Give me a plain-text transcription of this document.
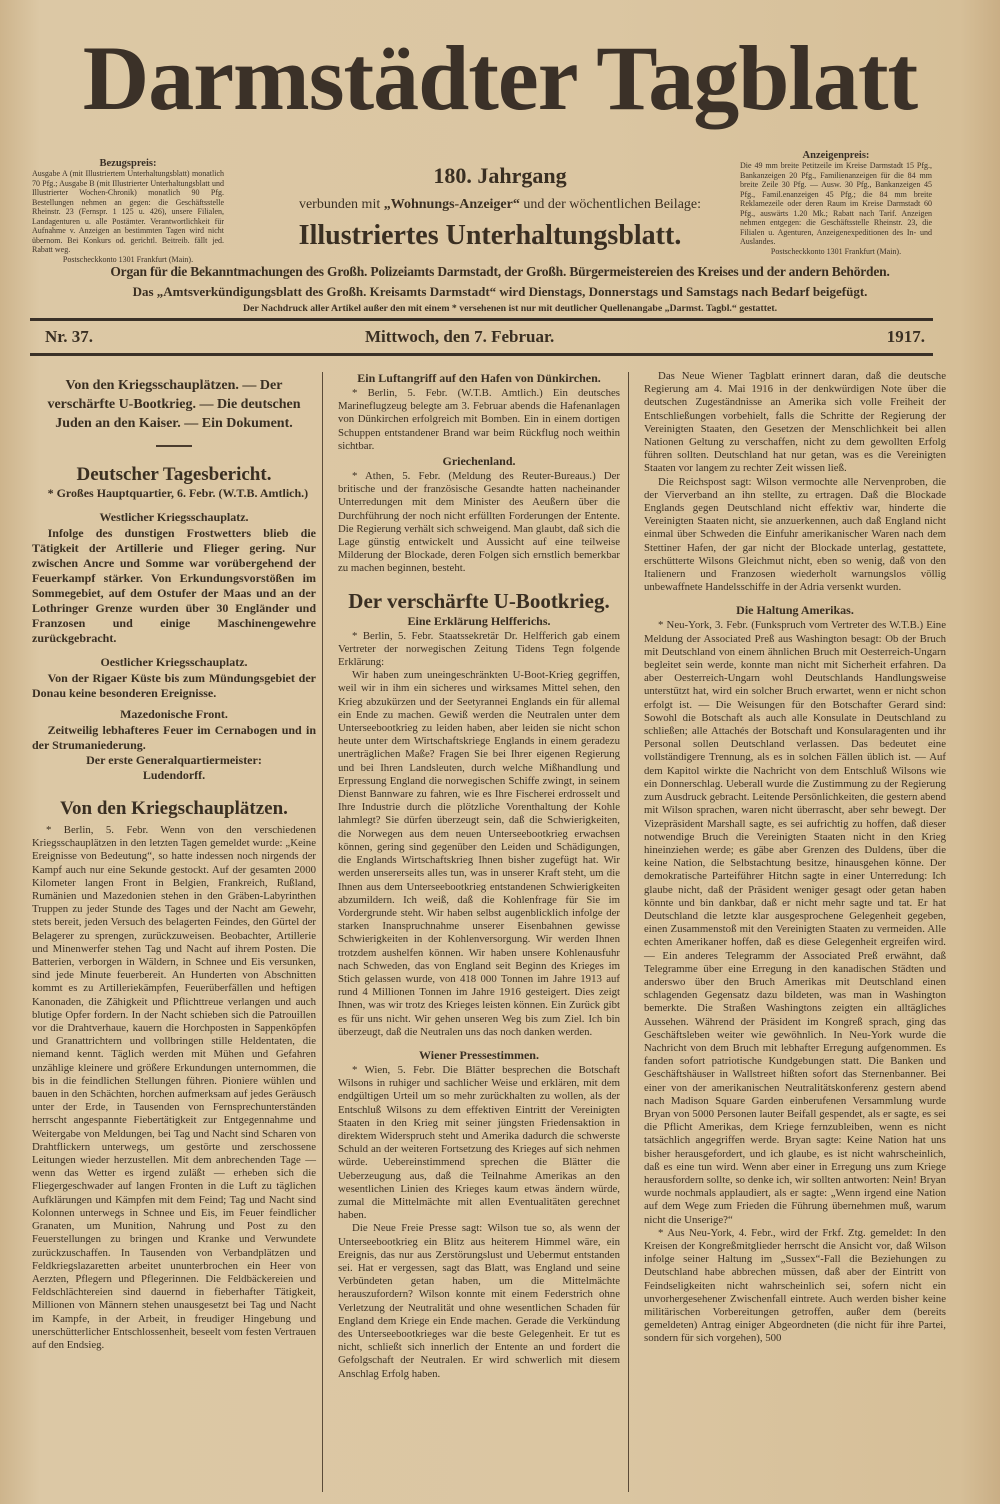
Darmstädter Tagblatt
Bezugspreis:
Ausgabe A (mit Illustriertem Unterhaltungsblatt) monatlich 70 Pfg.; Ausgabe B (mit Illustrierter Unterhaltungsblatt und Illustrierter Wochen-Chronik) monatlich 90 Pfg. Bestellungen nehmen an gegen: die Geschäftsstelle Rheinstr. 23 (Fernspr. 1 125 u. 426), unsere Filialen, Landagenturen u. alle Postämter. Verantwortlichkeit für Aufnahme v. Anzeigen an bestimmten Tagen wird nicht übernom. Bei Konkurs od. gerichtl. Beitreib. fällt jed. Rabatt weg.
Postscheckkonto 1301 Frankfurt (Main).
Anzeigenpreis:
Die 49 mm breite Petitzeile im Kreise Darmstadt 15 Pfg., Bankanzeigen 20 Pfg., Familienanzeigen für die 84 mm breite Zeile 30 Pfg. — Ausw. 30 Pfg., Bankanzeigen 45 Pfg., Famil.enanzeigen 45 Pfg.; die 84 mm breite Reklamezeile oder deren Raum im Kreise Darmstadt 60 Pfg., auswärts 1.20 Mk.; Rabatt nach Tarif. Anzeigen nehmen entgegen: die Geschäftsstelle Rheinstr. 23, die Filialen u. Agenturen, Anzeigenexpeditionen des In- und Auslandes.
Postscheckkonto 1301 Frankfurt (Main).
180. Jahrgang
verbunden mit „Wohnungs-Anzeiger“ und der wöchentlichen Beilage:
Illustriertes Unterhaltungsblatt.
Organ für die Bekanntmachungen des Großh. Polizeiamts Darmstadt, der Großh. Bürgermeistereien des Kreises und der andern Behörden.
Das „Amtsverkündigungsblatt des Großh. Kreisamts Darmstadt“ wird Dienstags, Donnerstags und Samstags nach Bedarf beigefügt.
Der Nachdruck aller Artikel außer den mit einem * versehenen ist nur mit deutlicher Quellenangabe „Darmst. Tagbl.“ gestattet.
Nr. 37.	Mittwoch, den 7. Februar.	1917.

Von den Kriegsschauplätzen. — Der verschärfte U-Bootkrieg. — Die deutschen Juden an den Kaiser. — Ein Dokument.

Deutscher Tagesbericht.

* Großes Hauptquartier, 6. Febr. (W.T.B. Amtlich.)

Westlicher Kriegsschauplatz.

Infolge des dunstigen Frostwetters blieb die Tätigkeit der Artillerie und Flieger gering. Nur zwischen Ancre und Somme war vorübergehend der Feuerkampf stärker. Von Erkundungsvorstößen im Sommegebiet, auf dem Ostufer der Maas und an der Lothringer Grenze wurden über 30 Engländer und Franzosen und einige Maschinengewehre zurückgebracht.

Oestlicher Kriegsschauplatz.

Von der Rigaer Küste bis zum Mündungsgebiet der Donau keine besonderen Ereignisse.

Mazedonische Front.

Zeitweilig lebhafteres Feuer im Cernabogen und in der Strumaniederung.

Der erste Generalquartiermeister:
Ludendorff.
Von den Kriegschauplätzen.

* Berlin, 5. Febr. Wenn von den verschiedenen Kriegsschauplätzen in den letzten Tagen gemeldet wurde: „Keine Ereignisse von Bedeutung“, so hatte indessen noch nirgends der Kampf auch nur eine Sekunde gestockt. Auf der gesamten 2000 Kilometer langen Front in Belgien, Frankreich, Rußland, Rumänien und Mazedonien stehen in den Gräben-Labyrinthen Truppen zu jeder Stunde des Tages und der Nacht am Gewehr, stets bereit, jeden Versuch des belagerten Feindes, den Gürtel der Belagerer zu sprengen, zurückzuweisen. Beobachter, Artillerie und Minenwerfer stehen Tag und Nacht auf ihrem Posten. Die Batterien, verborgen in Wäldern, in Schnee und Eis versunken, sind jede Minute feuerbereit. An Hunderten von Abschnitten kommt es zu Artilleriekämpfen, Feuerüberfällen und heftigen Kanonaden, die Zähigkeit und Pflichttreue verlangen und auch blutige Opfer fordern. In der Nacht schieben sich die Patrouillen vor die Drahtverhaue, kauern die Horchposten in Sappenköpfen und Granattrichtern und vollbringen stille Heldentaten, die niemand kennt. Täglich werden mit Mühen und Gefahren unzählige kleinere und größere Erkundungen unternommen, die bis in die feindlichen Stellungen führen. Pioniere wühlen und bauen in den Schächten, horchen aufmerksam auf jedes Geräusch unter der Erde, in Tausenden von Fernsprechunterständen herrscht angespannte Fiebertätigkeit zur Entgegennahme und Weitergabe von Meldungen, bei Tag und Nacht sind Scharen von Drahtflickern unterwegs, um gestörte und zerschossene Leitungen wieder herzustellen. Mit dem anbrechenden Tage — wenn das Wetter es irgend zuläßt — erheben sich die Fliegergeschwader auf langen Fronten in die Luft zu täglichen Aufklärungen und Kämpfen mit dem Feind; Tag und Nacht sind Kolonnen unterwegs in Schnee und Eis, im Feuer feindlicher Granaten, um Munition, Nahrung und Post zu den Feuerstellungen zu bringen und Kranke und Verwundete zurückzuschaffen. In Tausenden von Verbandplätzen und Feldkriegslazaretten arbeitet ununterbrochen ein Heer von Aerzten, Pflegern und Pflegerinnen. Die Feldbäckereien und Feldschlächtereien sind dauernd in fieberhafter Tätigkeit, Millionen von Männern stehen unausgesetzt bei Tag und Nacht im Kampfe, in der Arbeit, in freudiger Hingebung und unerschütterlicher Entschlossenheit, beseelt vom festen Vertrauen auf den Endsieg.

Ein Luftangriff auf den Hafen von Dünkirchen.

* Berlin, 5. Febr. (W.T.B. Amtlich.) Ein deutsches Marineflugzeug belegte am 3. Februar abends die Hafenanlagen von Dünkirchen erfolgreich mit Bomben. Ein in einem dortigen Schuppen entstandener Brand war beim Rückflug noch weithin sichtbar.

Griechenland.

* Athen, 5. Febr. (Meldung des Reuter-Bureaus.) Der britische und der französische Gesandte hatten nacheinander Unterredungen mit dem Minister des Aeußern über die Durchführung der noch nicht erfüllten Forderungen der Entente. Die Regierung verhält sich schweigend. Man glaubt, daß sich die Lage günstig entwickelt und Aussicht auf eine teilweise Milderung der Blockade, deren Folgen sich ernstlich bemerkbar zu machen beginnen, besteht.

Der verschärfte U-Bootkrieg.
Eine Erklärung Helfferichs.

* Berlin, 5. Febr. Staatssekretär Dr. Helfferich gab einem Vertreter der norwegischen Zeitung Tidens Tegn folgende Erklärung:

Wir haben zum uneingeschränkten U-Boot-Krieg gegriffen, weil wir in ihm ein sicheres und wirksames Mittel sehen, den Krieg abzukürzen und der Seetyrannei Englands ein für allemal ein Ende zu machen. Gewiß werden die Neutralen unter dem Unterseebootkrieg zu leiden haben, aber leiden sie nicht schon heute unter dem Wirtschaftskriege Englands in einem geradezu unerträglichen Maße? Fragen Sie bei Ihrer eigenen Regierung und bei Ihren Landsleuten, durch welche Mißhandlung und Erpressung England die norwegischen Schiffe zwingt, in seinem Dienst Bannware zu fahren, wie es Ihre Fischerei erdrosselt und Ihre Industrie durch die plötzliche Vorenthaltung der Kohle lahmlegt? Sie dürfen überzeugt sein, daß die Schwierigkeiten, die Norwegen aus dem neuen Unterseebootkrieg erwachsen können, gering sind gegenüber den Leiden und Schädigungen, die Englands Wirtschaftskrieg Ihnen bisher zugefügt hat. Wir werden unsererseits alles tun, was in unserer Kraft steht, um die Ihnen aus dem Unterseebootkrieg entstandenen Schwierigkeiten abzumildern. Ich weiß, daß die Kohlenfrage für Sie im Vordergrunde steht. Wir haben selbst augenblicklich infolge der starken Inanspruchnahme unserer Eisenbahnen gewisse Schwierigkeiten in der Kohlenversorgung. Wir werden Ihnen trotzdem aushelfen können. Wir haben unsere Kohlenausfuhr nach Schweden, das von England seit Beginn des Krieges im Stich gelassen wurde, von 418 000 Tonnen im Jahre 1913 auf rund 4 Millionen Tonnen im Jahre 1916 gesteigert. Dies zeigt Ihnen, was wir trotz des Krieges leisten können. Ein Zurück gibt es für uns nicht. Wir gehen unseren Weg bis zum Ziel. Ich bin überzeugt, daß die Neutralen uns das noch danken werden.

Wiener Pressestimmen.

* Wien, 5. Febr. Die Blätter besprechen die Botschaft Wilsons in ruhiger und sachlicher Weise und erklären, mit dem endgültigen Urteil um so mehr zurückhalten zu wollen, als der Entschluß Wilsons zu dem effektiven Eintritt der Vereinigten Staaten in den Krieg mit seiner jüngsten Friedensaktion in direktem Widerspruch steht und Amerika dadurch die schwerste Schuld an der weiteren Fortsetzung des Krieges auf sich nehmen würde. Uebereinstimmend sprechen die Blätter die Ueberzeugung aus, daß die Teilnahme Amerikas an den wesentlichen Linien des Krieges kaum etwas ändern würde, zumal die Mittelmächte mit allen Eventualitäten gerechnet haben.

Die Neue Freie Presse sagt: Wilson tue so, als wenn der Unterseebootkrieg ein Blitz aus heiterem Himmel wäre, ein Ereignis, das nur aus Zerstörungslust und Uebermut entstanden sei. Hat er vergessen, sagt das Blatt, was England und seine Verbündeten getan haben, um die Mittelmächte herauszufordern? Wilson konnte mit einem Federstrich ohne Verletzung der Neutralität und ohne wesentlichen Schaden für England dem Kriege ein Ende machen. Gerade die Verkündung des Unterseebootkrieges war die beste Gelegenheit. Er tut es nicht, schließt sich innerlich der Entente an und fordert die Gefolgschaft der Neutralen. Er wird schwerlich mit diesem Anschlag Erfolg haben.

Das Neue Wiener Tagblatt erinnert daran, daß die deutsche Regierung am 4. Mai 1916 in der denkwürdigen Note über die deutschen Zugeständnisse an Amerika sich volle Freiheit der Entschließungen vorbehielt, falls die Schritte der Regierung der Vereinigten Staaten, den Gesetzen der Menschlichkeit bei allen Nationen Geltung zu verschaffen, nicht zu dem gewollten Erfolg führen sollten. Deutschland hat nur getan, was es die Vereinigten Staaten vor langem zu rechter Zeit wissen ließ.

Die Reichspost sagt: Wilson vermochte alle Nervenproben, die der Vierverband an ihn stellte, zu ertragen. Daß die Blockade Englands gegen Deutschland nicht effektiv war, hinderte die Vereinigten Staaten nicht, sie anzuerkennen, auch daß England nicht einmal über Schweden die Einfuhr amerikanischer Waren nach dem Stettiner Hafen, der gar nicht der Blockade unterlag, gestattete, erschütterte Wilsons Gleichmut nicht, eben so wenig, daß von den Italienern und Franzosen wiederholt warnungslos völlig unbewaffnete Handelsschiffe in der Adria versenkt wurden.

Die Haltung Amerikas.

* Neu-York, 3. Febr. (Funkspruch vom Vertreter des W.T.B.) Eine Meldung der Associated Preß aus Washington besagt: Ob der Bruch mit Deutschland von einem ähnlichen Bruch mit Oesterreich-Ungarn begleitet sein werde, konnte man nicht mit Sicherheit erfahren. Da aber Oesterreich-Ungarn wohl Deutschlands Handlungsweise unterstützt hat, wird ein solcher Bruch erwartet, wenn er nicht schon erfolgt ist. — Die Weisungen für den Botschafter Gerard sind: Sowohl die Botschaft als auch alle Konsulate in Deutschland zu schließen; alle Attachés der Botschaft und Konsularagenten und ihr Personal sollen Deutschland verlassen. Das bedeutet eine vollständigere Trennung, als es in solchen Fällen üblich ist. — Auf dem Kapitol wirkte die Nachricht von dem Entschluß Wilsons wie ein Donnerschlag. Ueberall wurde die Zustimmung zu der Regierung zum Ausdruck gebracht. Leitende Persönlichkeiten, die gestern abend mit Wilson sprachen, waren nicht überrascht, aber sehr bewegt. Der Vizepräsident Marshall sagte, es sei aufrichtig zu hoffen, daß dieser notwendige Bruch die Vereinigten Staaten nicht in den Krieg hineinziehen werde; es gäbe aber Grenzen des Duldens, über die keine Nation, die Selbstachtung besitze, hinausgehen könne. Der demokratische Parteiführer Hitchn sagte in einer Unterredung: Ich glaube nicht, daß der Präsident weniger gesagt oder getan haben könnte und bin dankbar, daß er nicht mehr sagte und tat. Er hat Deutschland die letzte klar ausgesprochene Gelegenheit gegeben, einen Zusammenstoß mit den Vereinigten Staaten zu vermeiden. Alle echten Amerikaner hoffen, daß es diese Gelegenheit ergreifen wird. — Ein anderes Telegramm der Associated Preß erwähnt, daß Telegramme über eine Erregung in den kanadischen Städten und anderswo über den Bruch Amerikas mit Deutschland einen schlagenden Gegensatz dazu bildeten, was man in Washington bemerkte. Die Straßen Washingtons zeigten ein alltägliches Aussehen. Während der Präsident im Kongreß sprach, ging das Geschäftsleben weiter wie gewöhnlich. In Neu-York wurde die Nachricht von dem Bruch mit lebhafter Erregung aufgenommen. Es fanden sofort patriotische Kundgebungen statt. Die Banken und Geschäftshäuser in Wallstreet hißten sofort das Sternenbanner. Bei einer von der amerikanischen Neutralitätskonferenz gestern abend nach Madison Square Garden einberufenen Versammlung wurde Bryan von 5000 Personen lauter Beifall gespendet, als er sagte, es sei die Pflicht Amerikas, dem Kriege fernzubleiben, wenn es nicht tatsächlich angegriffen werde. Bryan sagte: Keine Nation hat uns bisher herausgefordert, und ich glaube, es ist nicht wahrscheinlich, daß es eine tun wird. Wenn aber einer in Erregung uns zum Kriege herausfordern sollte, so denke ich, wir sollten antworten: Nein! Bryan wurde nochmals applaudiert, als er sagte: „Wenn irgend eine Nation auf dem Wege zum Frieden die Führung übernehmen muß, warum nicht die Unserige?“

* Aus Neu-York, 4. Febr., wird der Frkf. Ztg. gemeldet: In den Kreisen der Kongreßmitglieder herrscht die Ansicht vor, daß Wilson infolge seiner Haltung im „Sussex“-Fall die Beziehungen zu Deutschland habe abbrechen müssen, daß aber der Eintritt von Feindseligkeiten nicht wahrscheinlich sei, sofern nicht ein unvorhergesehener Zwischenfall eintrete. Auch werden bisher keine militärischen Vorbereitungen getroffen, außer dem (bereits gemeldeten) Antrag einiger Abgeordneten (die nicht für ihre Partei, sondern für sich vorgehen), 500
